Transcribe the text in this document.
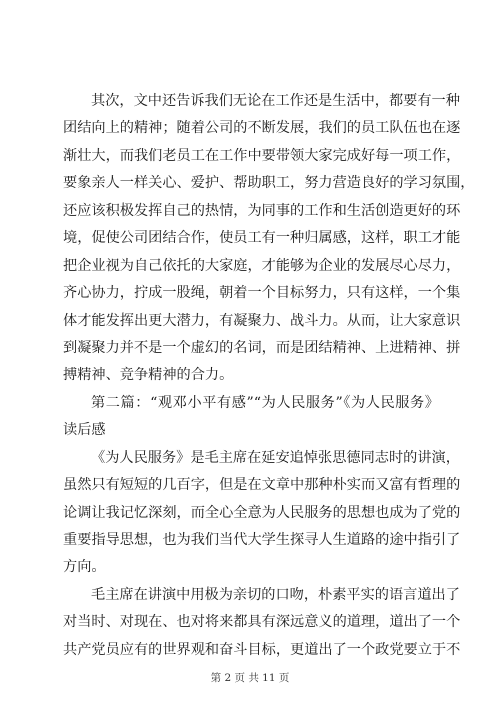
其次，文中还告诉我们无论在工作还是生活中，都要有一种
团结向上的精神；随着公司的不断发展，我们的员工队伍也在逐
渐壮大，而我们老员工在工作中要带领大家完成好每一项工作，
要象亲人一样关心、爱护、帮助职工，努力营造良好的学习氛围，
还应该积极发挥自己的热情，为同事的工作和生活创造更好的环
境，促使公司团结合作，使员工有一种归属感，这样，职工才能
把企业视为自己依托的大家庭，才能够为企业的发展尽心尽力，
齐心协力，拧成一股绳，朝着一个目标努力，只有这样，一个集
体才能发挥出更大潜力，有凝聚力、战斗力。从而，让大家意识
到凝聚力并不是一个虚幻的名词，而是团结精神、上进精神、拼
搏精神、竞争精神的合力。
第二篇：“观邓小平有感”“为人民服务”《为人民服务》
读后感
《为人民服务》是毛主席在延安追悼张思德同志时的讲演，
虽然只有短短的几百字，但是在文章中那种朴实而又富有哲理的
论调让我记忆深刻，而全心全意为人民服务的思想也成为了党的
重要指导思想，也为我们当代大学生探寻人生道路的途中指引了
方向。
毛主席在讲演中用极为亲切的口吻，朴素平实的语言道出了
对当时、对现在、也对将来都具有深远意义的道理，道出了一个
共产党员应有的世界观和奋斗目标，更道出了一个政党要立于不
第 2 页 共 11 页
